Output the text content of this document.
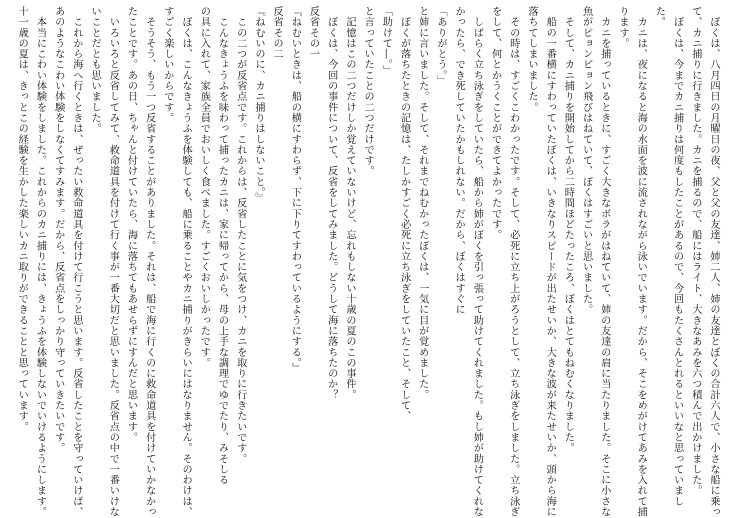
　ぼくは、八月四日の月曜日の夜、父と父の友達、姉二人、姉の友達とぼくの合計六人で、小さな船に乗っ

て、カニ捕りに行きました。カニを捕るので、船にはライト、大きなあみを六つ積んで出かけました。

　ぼくは、今までカニ捕りは何度もしたことがあるので、今回もたくさんとれるといいなと思っていまし

た。

　カニは、夜になると海の水面を波に流されながら泳いでいます。だから、そこをめがけてあみを入れて捕

ります。

　カニを捕っているときに、すごく大きなボラがはねていて、姉の友達の肩に当たりました。そこに小さな

魚がピョンピョン飛びはねていて、ぼくはすごいと思いました。

　そして、カニ捕りを開始してから二時間ほどたったころ、ぼくはとてもねむくなりました。

　船の一番横にすわっていたぼくは、いきなりスピードが出たせいか、大きな波が来たせいか、頭から海に

落ちてしまいました。

　その時は、すごくこわかったです。そして、必死に立ち上がろうとして、立ち泳ぎをしました。立ち泳ぎ

をして、何とかうくことができてよかったです。

　しばらく立ち泳ぎをしていたら、船から姉がぼくを引っ張って助けてくれました。もし姉が助けてくれな

かったら、でき死していたかもしれない。だから、ぼくはすぐに

「ありがとう。」

と姉に言いました。そして、それまでねむかったぼくは、一気に目が覚めました。

　ぼくが落ちたときの記憶は、たしかすごく必死に立ち泳ぎをしていたこと、そして、

「助けて―。」

と言っていたことの二つだけです。

　記憶はこの二つだけしか覚えていないけど、忘れもしない十歳の夏のこの事件。

　ぼくは、今回の事件について、反省をしてみました。どうして海に落ちたのか？

反省その一

『ねむいときは、船の横にすわらず、下に下りてすわっているようにする。』

反省その二

『ねむいのに、カニ捕りはしないこと。』

　この二つが反省点です。これからは、反省したことに気をつけ、カニを取りに行きたいです。

　こんなきょうふを味わって捕ったカニは、家に帰ってから、母の上手な調理でゆでたり、みそしる

の具に入れて、家族全員でおいしく食べました。すごくおいしかったです。

　ぼくは、こんなきょうふを体験しても、船に乗ることやカニ捕りがきらいにはなりません。そのわけは、

すごく楽しいからです。

　そうそう、もう一つ反省することがありました。それは、船で海に行くのに救命道具を付けていかなかっ

たことです。あの日、ちゃんと付けていたら、海に落ちてもあせらずにすんだと思います。

　いろいろと反省してみて、救命道具を付けて行く事が一番大切だと思いました。反省点の中で一番いけな

いことだとも思いました。

　これから海へ行くときは、ぜったい救命道具を付けて行こうと思います。反省したことを守っていけば、

あのようなこわい体験をしなくてすみます。だから、反省点をしっかり守っていきたいです。

　本当にこわい体験をしました。これからのカニ捕りには、きょうふを体験しないでいけるようにします。

十一歳の夏は、きっとこの経験を生かした楽しいカニ取りができることと思っています。
